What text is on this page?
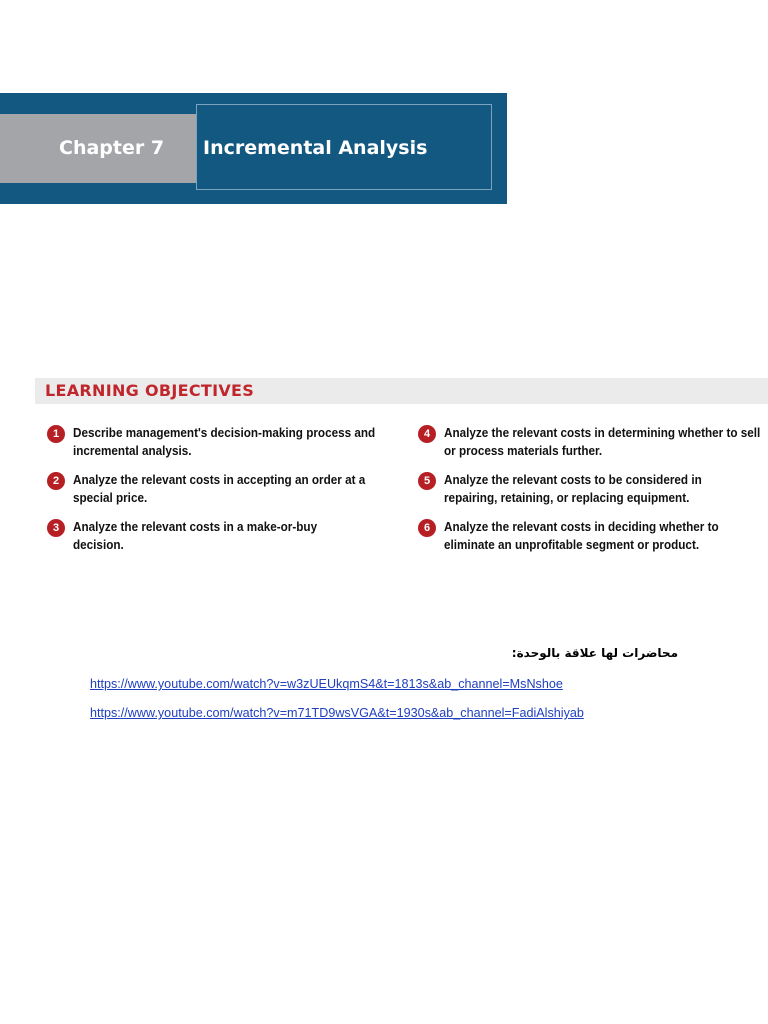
Chapter 7	Incremental Analysis
LEARNING OBJECTIVES
1	Describe management's decision-making process and incremental analysis.
2	Analyze the relevant costs in accepting an order at a special price.
3	Analyze the relevant costs in a make-or-buy decision.
4	Analyze the relevant costs in determining whether to sell or process materials further.
5	Analyze the relevant costs to be considered in repairing, retaining, or replacing equipment.
6	Analyze the relevant costs in deciding whether to eliminate an unprofitable segment or product.
محاضرات لها علاقة بالوحدة:
https://www.youtube.com/watch?v=w3zUEUkqmS4&t=1813s&ab_channel=MsNshoe
https://www.youtube.com/watch?v=m71TD9wsVGA&t=1930s&ab_channel=FadiAlshiyab
